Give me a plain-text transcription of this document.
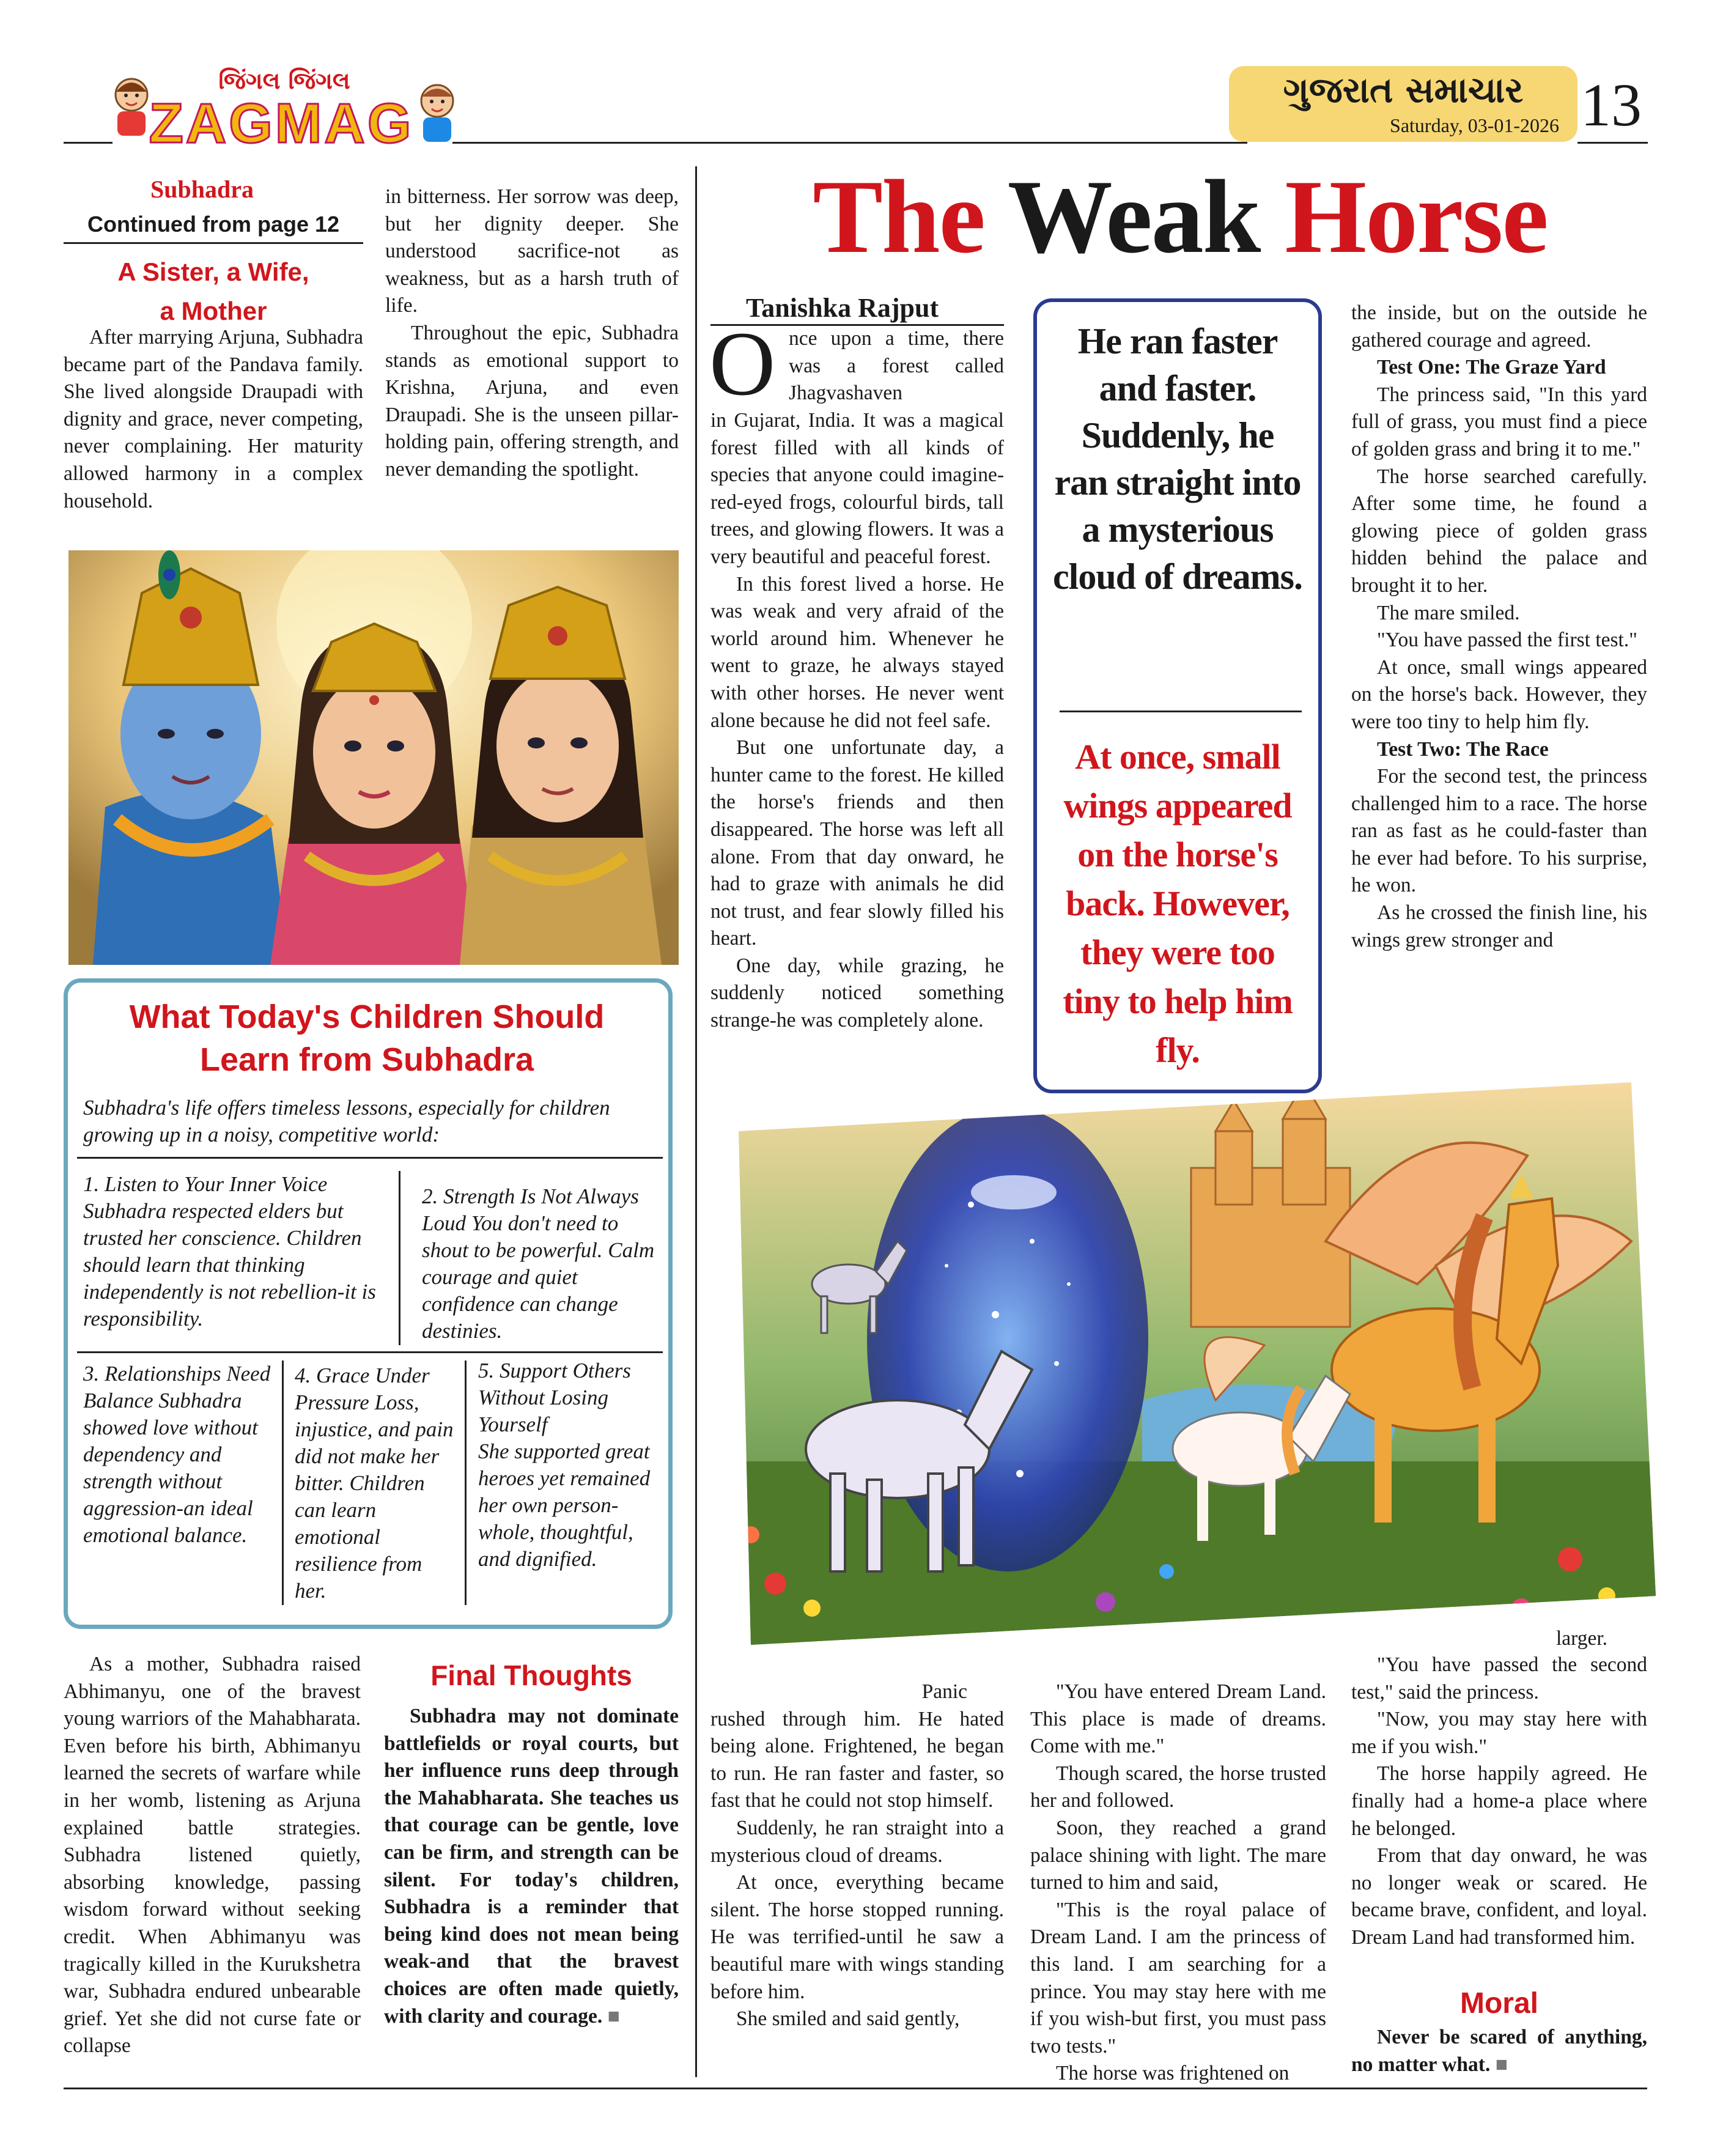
જિંગલ જિંગલ
ZAGMAG
ગુજરાત સમાચાર
Saturday, 03-01-2026 13
Subhadra
Continued from page 12
A Sister, a Wife,
a Mother

After marrying Arjuna, Subhadra became part of the Pandava family. She lived alongside Draupadi with dignity and grace, never competing, never complaining. Her maturity allowed harmony in a complex household.

in bitterness. Her sorrow was deep, but her dignity deeper. She understood sacrifice-not as weakness, but as a harsh truth of life.

Throughout the epic, Subhadra stands as emotional support to Krishna, Arjuna, and even Draupadi. She is the unseen pillar-holding pain, offering strength, and never demanding the spotlight.

What Today's Children Should
Learn from Subhadra
Subhadra's life offers timeless lessons, especially for children growing up in a noisy, competitive world:
1. Listen to Your Inner Voice Subhadra respected elders but trusted her conscience. Children should learn that thinking independently is not rebellion-it is responsibility.
2. Strength Is Not Always Loud You don't need to shout to be powerful. Calm courage and quiet confidence can change destinies.
3. Relationships Need Balance Subhadra showed love without dependency and strength without aggression-an ideal emotional balance.
4. Grace Under Pressure Loss, injustice, and pain did not make her bitter. Children can learn emotional resilience from her.
5. Support Others Without Losing Yourself
She supported great heroes yet remained her own person-whole, thoughtful, and dignified.

As a mother, Subhadra raised Abhimanyu, one of the bravest young warriors of the Mahabharata. Even before his birth, Abhimanyu learned the secrets of warfare while in her womb, listening as Arjuna explained battle strategies. Subhadra listened quietly, absorbing knowledge, passing wisdom forward without seeking credit. When Abhimanyu was tragically killed in the Kurukshetra war, Subhadra endured unbearable grief. Yet she did not curse fate or collapse

Final Thoughts

Subhadra may not dominate battlefields or royal courts, but her influence runs deep through the Mahabharata. She teaches us that courage can be gentle, love can be firm, and strength can be silent. For today's children, Subhadra is a reminder that being kind does not mean being weak-and that the bravest choices are often made quietly, with clarity and courage. ■

The Weak Horse
Tanishka Rajput
O nce upon a time, there was a forest called Jhagvashaven

in Gujarat, India. It was a magical forest filled with all kinds of species that anyone could imagine-red-eyed frogs, colourful birds, tall trees, and glowing flowers. It was a very beautiful and peaceful forest.

In this forest lived a horse. He was weak and very afraid of the world around him. Whenever he went to graze, he always stayed with other horses. He never went alone because he did not feel safe.

But one unfortunate day, a hunter came to the forest. He killed the horse's friends and then disappeared. The horse was left all alone. From that day onward, he had to graze with animals he did not trust, and fear slowly filled his heart.

One day, while grazing, he suddenly noticed something strange-he was completely alone.

He ran faster and faster. Suddenly, he ran straight into a mysterious cloud of dreams.
At once, small wings appeared on the horse's back. However, they were too tiny to help him fly.

the inside, but on the outside he gathered courage and agreed.

Test One: The Graze Yard

The princess said, "In this yard full of grass, you must find a piece of golden grass and bring it to me."

The horse searched carefully. After some time, he found a glowing piece of golden grass hidden behind the palace and brought it to her.

The mare smiled.

"You have passed the first test."

At once, small wings appeared on the horse's back. However, they were too tiny to help him fly.

Test Two: The Race

For the second test, the princess challenged him to a race. The horse ran as fast as he could-faster than he ever had before. To his surprise, he won.

As he crossed the finish line, his wings grew stronger and

larger.
Panic

rushed through him. He hated being alone. Frightened, he began to run. He ran faster and faster, so fast that he could not stop himself.

Suddenly, he ran straight into a mysterious cloud of dreams.

At once, everything became silent. The horse stopped running. He was terrified-until he saw a beautiful mare with wings standing before him.

She smiled and said gently,

"You have entered Dream Land. This place is made of dreams. Come with me."

Though scared, the horse trusted her and followed.

Soon, they reached a grand palace shining with light. The mare turned to him and said,

"This is the royal palace of Dream Land. I am the princess of this land. I am searching for a prince. You may stay here with me if you wish-but first, you must pass two tests."

The horse was frightened on

"You have passed the second test," said the princess.

"Now, you may stay here with me if you wish."

The horse happily agreed. He finally had a home-a place where he belonged.

From that day onward, he was no longer weak or scared. He became brave, confident, and loyal. Dream Land had transformed him.

Moral

Never be scared of anything, no matter what. ■
